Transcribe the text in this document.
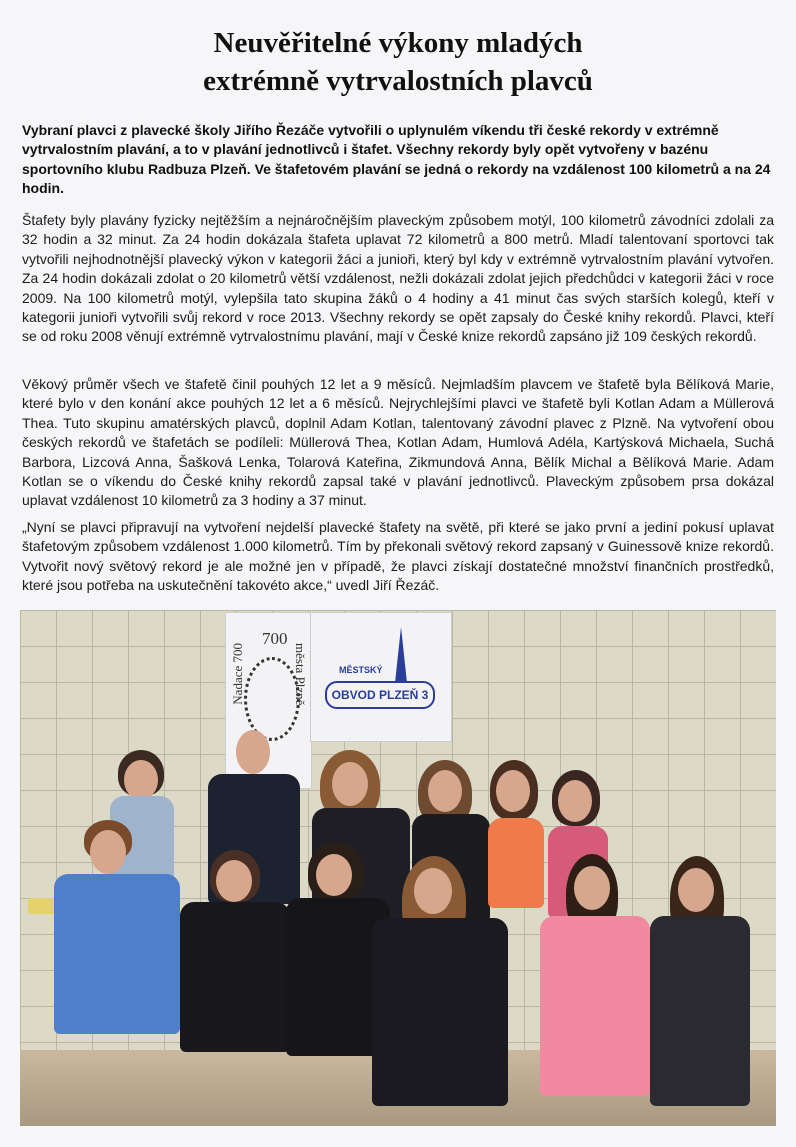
Neuvěřitelné výkony mladých
extrémně vytrvalostních plavců

Vybraní plavci z plavecké školy Jiřího Řezáče vytvořili o uplynulém víkendu tři české rekordy v extrémně vytrvalostním plavání, a to v plavání jednotlivců i štafet. Všechny rekordy byly opět vytvořeny v bazénu sportovního klubu Radbuza Plzeň. Ve štafetovém plavání se jedná o rekordy na vzdálenost 100 kilometrů a na 24 hodin.

Štafety byly plavány fyzicky nejtěžším a nejnáročnějším plaveckým způsobem motýl, 100 kilometrů závodníci zdolali za 32 hodin a 32 minut. Za 24 hodin dokázala štafeta uplavat 72 kilometrů a 800 metrů. Mladí talentovaní sportovci tak vytvořili nejhodnotnější plavecký výkon v kategorii žáci a junioři, který byl kdy v extrémně vytrvalostním plavání vytvořen. Za 24 hodin dokázali zdolat o 20 kilometrů větší vzdálenost, nežli dokázali zdolat jejich předchůdci v kategorii žáci v roce 2009. Na 100 kilometrů motýl, vylepšila tato skupina žáků o 4 hodiny a 41 minut čas svých starších kolegů, kteří v kategorii junioři vytvořili svůj rekord v roce 2013. Všechny rekordy se opět zapsaly do České knihy rekordů. Plavci, kteří se od roku 2008 věnují extrémně vytrvalostnímu plavání, mají v České knize rekordů zapsáno již 109 českých rekordů.

Věkový průměr všech ve štafetě činil pouhých 12 let a 9 měsíců. Nejmladším plavcem ve štafetě byla Bělíková Marie, které bylo v den konání akce pouhých 12 let a 6 měsíců. Nejrychlejšími plavci ve štafetě byli Kotlan Adam a Müllerová Thea. Tuto skupinu amatérských plavců, doplnil Adam Kotlan, talentovaný závodní plavec z Plzně. Na vytvoření obou českých rekordů ve štafetách se podíleli: Müllerová Thea, Kotlan Adam, Humlová Adéla, Kartýsková Michaela, Suchá Barbora, Lizcová Anna, Šašková Lenka, Tolarová Kateřina, Zikmundová Anna, Bělík Michal a Bělíková Marie. Adam Kotlan se o víkendu do České knihy rekordů zapsal také v plavání jednotlivců. Plaveckým způsobem prsa dokázal uplavat vzdálenost 10 kilometrů za 3 hodiny a 37 minut.

„Nyní se plavci připravují na vytvoření nejdelší plavecké štafety na světě, při které se jako první a jediní pokusí uplavat štafetovým způsobem vzdálenost 1.000 kilometrů. Tím by překonali světový rekord zapsaný v Guinessově knize rekordů. Vytvořit nový světový rekord je ale možné jen v případě, že plavci získají dostatečné množství finančních prostředků, které jsou potřeba na uskutečnění takovéto akce,“ uvedl Jiří Řezáč.

Nadace 700
700
města Plzně	MĚSTSKÝ
OBVOD PLZEŇ 3
